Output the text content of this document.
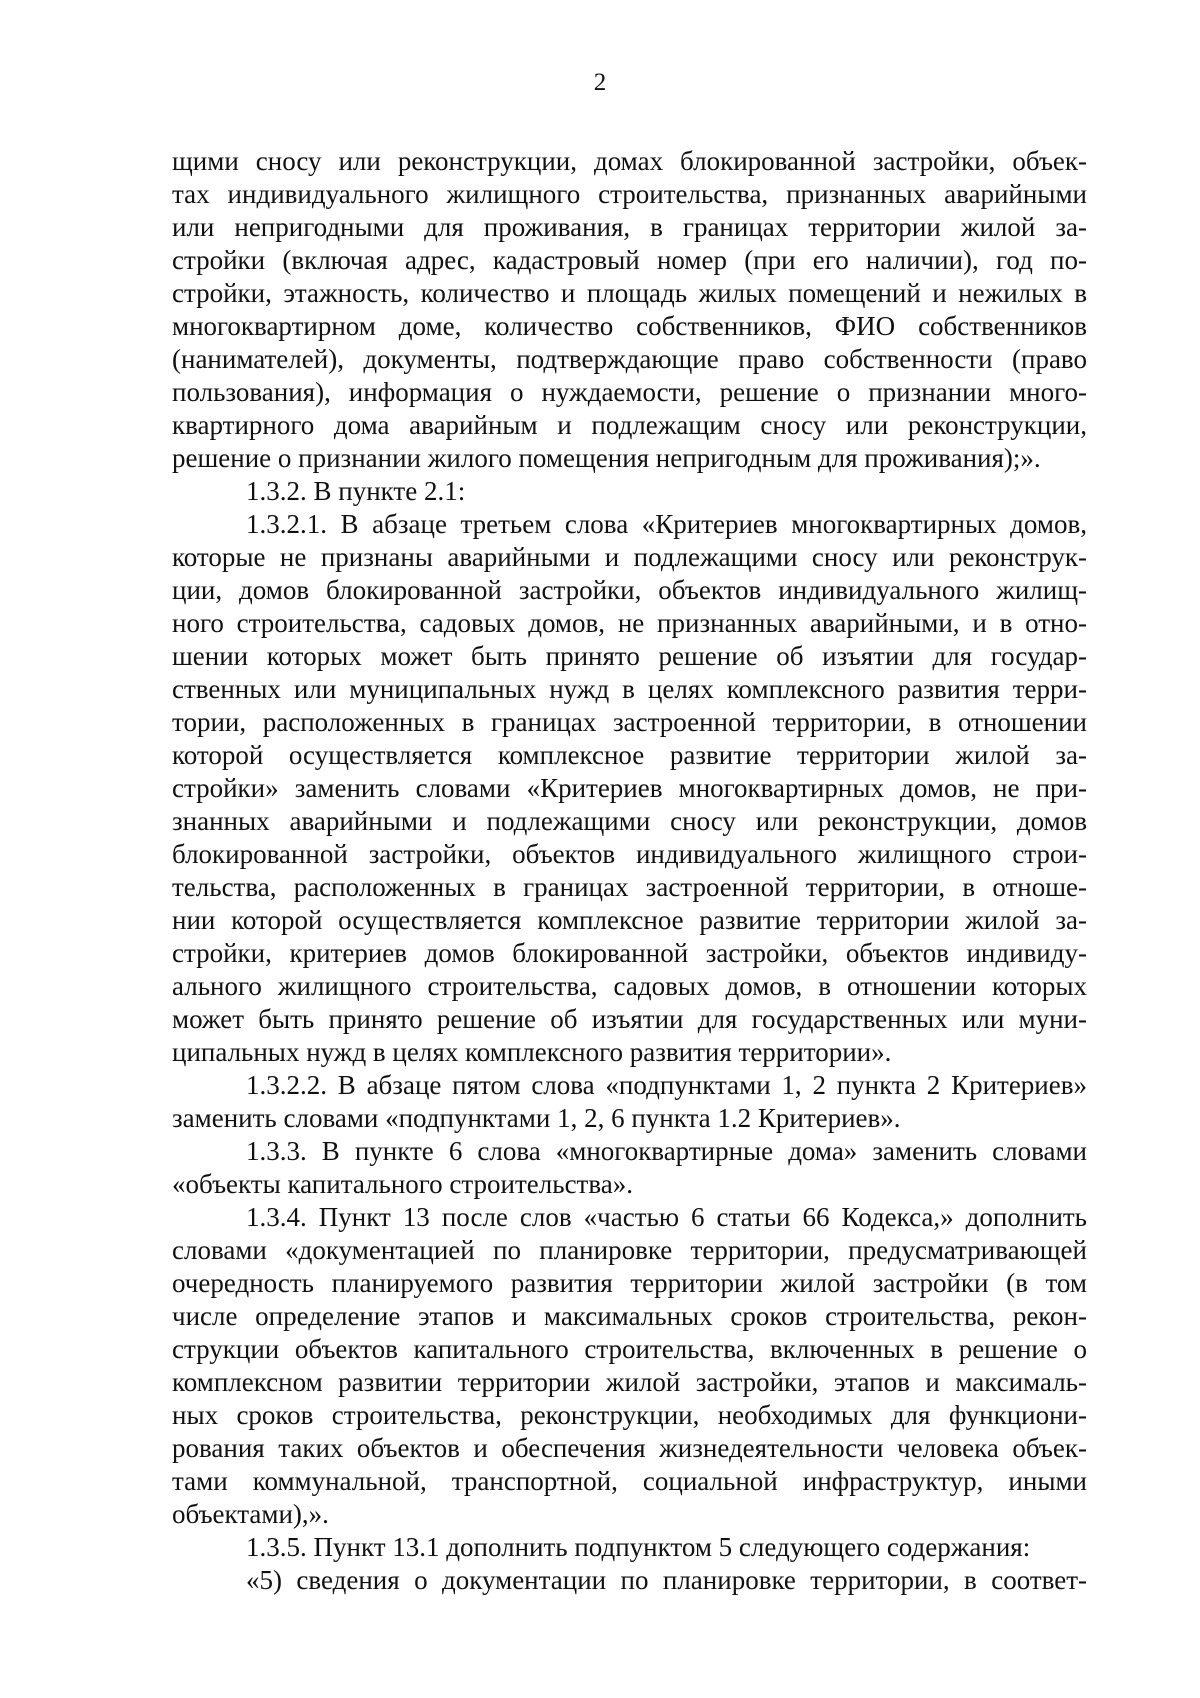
2

щими сносу или реконструкции, домах блокированной застройки, объек-
тах индивидуального жилищного строительства, признанных аварийными
или непригодными для проживания, в границах территории жилой за-
стройки (включая адрес, кадастровый номер (при его наличии), год по-
стройки, этажность, количество и площадь жилых помещений и нежилых в
многоквартирном доме, количество собственников, ФИО собственников
(нанимателей), документы, подтверждающие право собственности (право
пользования), информация о нуждаемости, решение о признании много-
квартирного дома аварийным и подлежащим сносу или реконструкции,
решение о признании жилого помещения непригодным для проживания);».

1.3.2. В пункте 2.1:

1.3.2.1. В абзаце третьем слова «Критериев многоквартирных домов,
которые не признаны аварийными и подлежащими сносу или реконструк-
ции, домов блокированной застройки, объектов индивидуального жилищ-
ного строительства, садовых домов, не признанных аварийными, и в отно-
шении которых может быть принято решение об изъятии для государ-
ственных или муниципальных нужд в целях комплексного развития терри-
тории, расположенных в границах застроенной территории, в отношении
которой осуществляется комплексное развитие территории жилой за-
стройки» заменить словами «Критериев многоквартирных домов, не при-
знанных аварийными и подлежащими сносу или реконструкции, домов
блокированной застройки, объектов индивидуального жилищного строи-
тельства, расположенных в границах застроенной территории, в отноше-
нии которой осуществляется комплексное развитие территории жилой за-
стройки, критериев домов блокированной застройки, объектов индивиду-
ального жилищного строительства, садовых домов, в отношении которых
может быть принято решение об изъятии для государственных или муни-
ципальных нужд в целях комплексного развития территории».

1.3.2.2. В абзаце пятом слова «подпунктами 1, 2 пункта 2 Критериев»
заменить словами «подпунктами 1, 2, 6 пункта 1.2 Критериев».

1.3.3. В пункте 6 слова «многоквартирные дома» заменить словами
«объекты капитального строительства».

1.3.4. Пункт 13 после слов «частью 6 статьи 66 Кодекса,» дополнить
словами «документацией по планировке территории, предусматривающей
очередность планируемого развития территории жилой застройки (в том
числе определение этапов и максимальных сроков строительства, рекон-
струкции объектов капитального строительства, включенных в решение о
комплексном развитии территории жилой застройки, этапов и максималь-
ных сроков строительства, реконструкции, необходимых для функциони-
рования таких объектов и обеспечения жизнедеятельности человека объек-
тами коммунальной, транспортной, социальной инфраструктур, иными
объектами),».

1.3.5. Пункт 13.1 дополнить подпунктом 5 следующего содержания:

«5) сведения о документации по планировке территории, в соответ-
